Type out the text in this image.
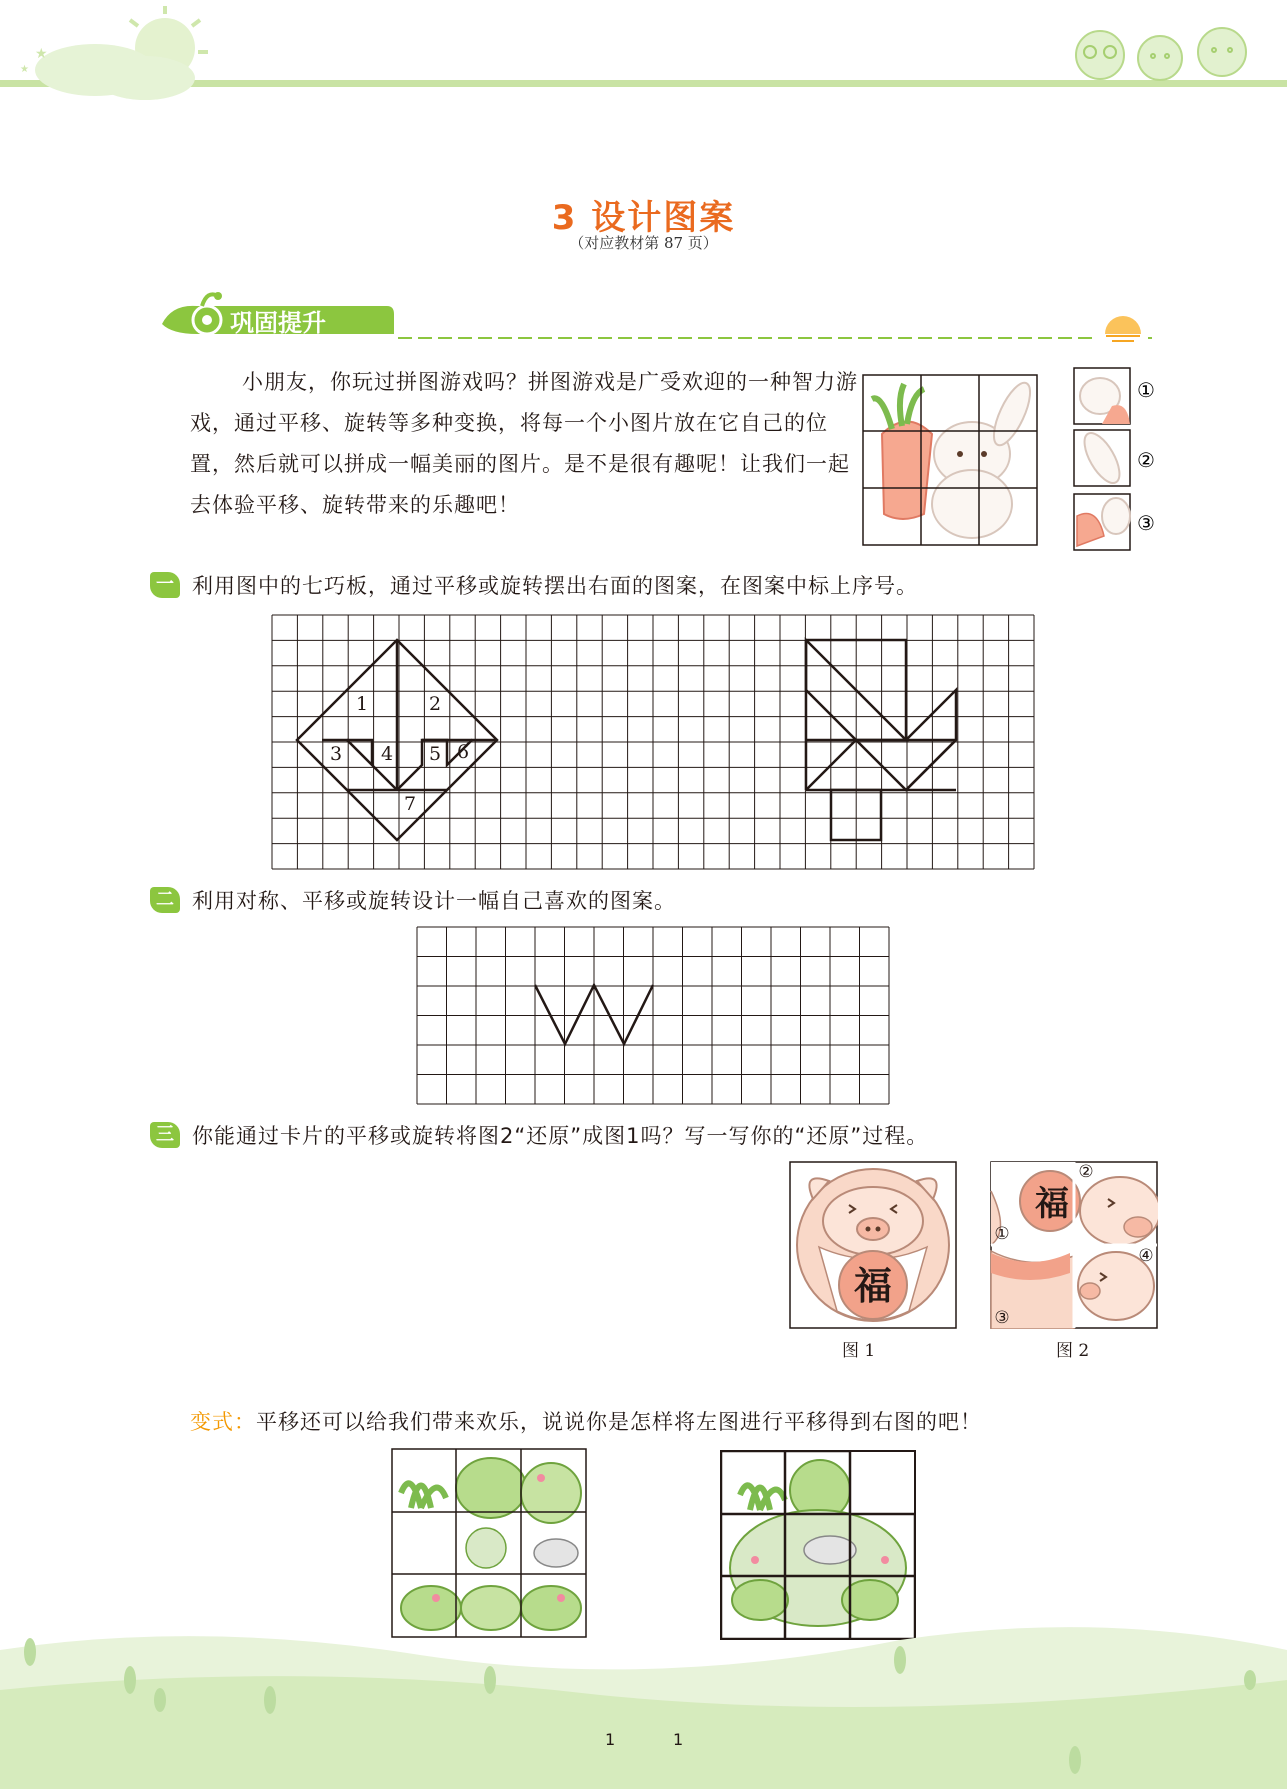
★
★
3 设计图案
（对应教材第 87 页）
巩固提升

小朋友，你玩过拼图游戏吗？拼图游戏是广受欢迎的一种智力游戏，通过平移、旋转等多种变换，将每一个小图片放在它自己的位置，然后就可以拼成一幅美丽的图片。是不是很有趣呢！让我们一起去体验平移、旋转带来的乐趣吧！

①
②
③
一 利用图中的七巧板，通过平移或旋转摆出右面的图案，在图案中标上序号。
1	2
3 4 5 6
7
二 利用对称、平移或旋转设计一幅自己喜欢的图案。
三 你能通过卡片的平移或旋转将图2“还原”成图1吗？写一写你的“还原”过程。
福
图 1
福
①
②
③
④
图 2
变式：平移还可以给我们带来欢乐，说说你是怎样将左图进行平移得到右图的吧！
1	1
